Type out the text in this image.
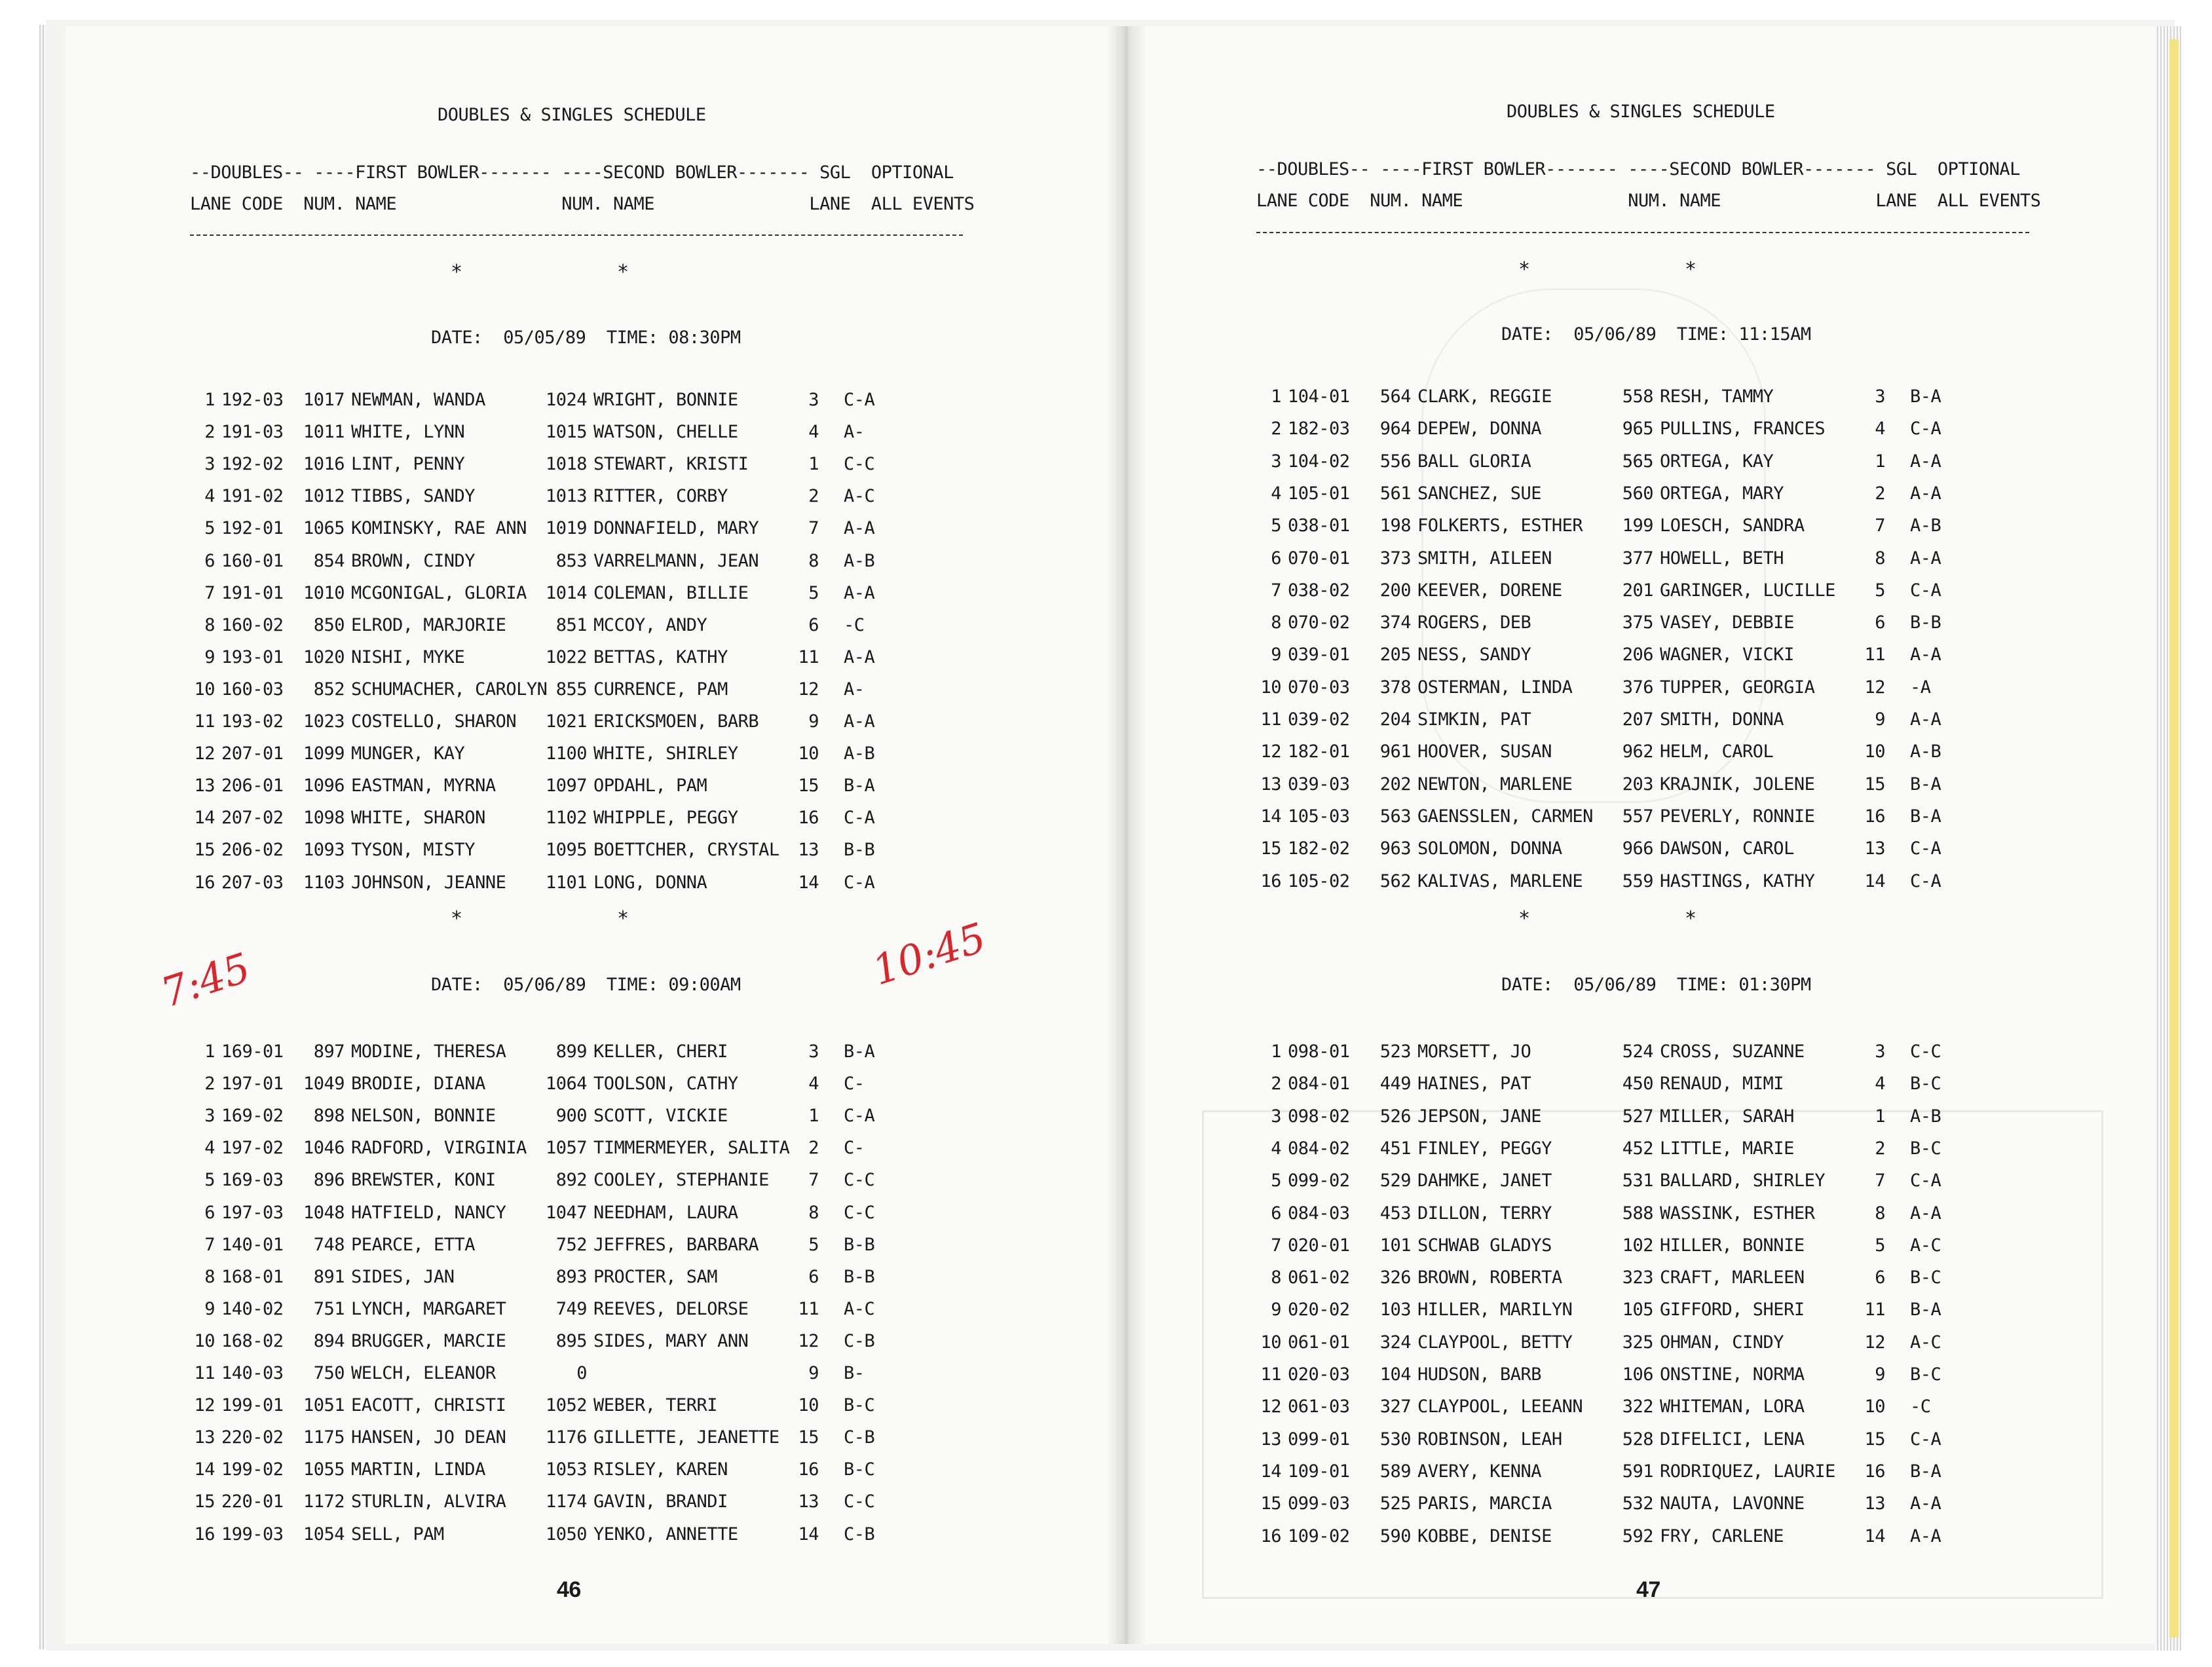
DOUBLES & SINGLES SCHEDULE
--DOUBLES-- ----FIRST BOWLER------- ----SECOND BOWLER------- SGL  OPTIONAL
LANE CODE  NUM. NAME                NUM. NAME               LANE  ALL EVENTS
*	*
DATE:  05/05/89  TIME: 08:30PM
1 192-03 1017 NEWMAN, WANDA	1024 WRIGHT, BONNIE	3 C-A
2 191-03 1011 WHITE, LYNN	1015 WATSON, CHELLE	4 A-
3 192-02 1016 LINT, PENNY	1018 STEWART, KRISTI	1 C-C
4 191-02 1012 TIBBS, SANDY	1013 RITTER, CORBY	2 A-C
5 192-01 1065 KOMINSKY, RAE ANN 1019 DONNAFIELD, MARY	7 A-A
6 160-01	854 BROWN, CINDY	853 VARRELMANN, JEAN	8 A-B
7 191-01 1010 MCGONIGAL, GLORIA 1014 COLEMAN, BILLIE	5 A-A
8 160-02	850 ELROD, MARJORIE	851 MCCOY, ANDY	6 -C
9 193-01 1020 NISHI, MYKE	1022 BETTAS, KATHY	11 A-A
10 160-03	852 SCHUMACHER, CAROLYN 855 CURRENCE, PAM	12 A-
11 193-02 1023 COSTELLO, SHARON 1021 ERICKSMOEN, BARB	9 A-A
12 207-01 1099 MUNGER, KAY	1100 WHITE, SHIRLEY	10 A-B
13 206-01 1096 EASTMAN, MYRNA	1097 OPDAHL, PAM	15 B-A
14 207-02 1098 WHITE, SHARON	1102 WHIPPLE, PEGGY	16 C-A
15 206-02 1093 TYSON, MISTY	1095 BOETTCHER, CRYSTAL	13 B-B
16 207-03 1103 JOHNSON, JEANNE 1101 LONG, DONNA	14 C-A
*	*
DATE:  05/06/89  TIME: 09:00AM
1 169-01	897 MODINE, THERESA	899 KELLER, CHERI	3 B-A
2 197-01 1049 BRODIE, DIANA	1064 TOOLSON, CATHY	4 C-
3 169-02	898 NELSON, BONNIE	900 SCOTT, VICKIE	1 C-A
4 197-02 1046 RADFORD, VIRGINIA 1057 TIMMERMEYER, SALITA	2 C-
5 169-03	896 BREWSTER, KONI	892 COOLEY, STEPHANIE	7 C-C
6 197-03 1048 HATFIELD, NANCY 1047 NEEDHAM, LAURA	8 C-C
7 140-01	748 PEARCE, ETTA	752 JEFFRES, BARBARA	5 B-B
8 168-01	891 SIDES, JAN	893 PROCTER, SAM	6 B-B
9 140-02	751 LYNCH, MARGARET	749 REEVES, DELORSE	11 A-C
10 168-02	894 BRUGGER, MARCIE	895 SIDES, MARY ANN	12 C-B
11 140-03	750 WELCH, ELEANOR	0	9 B-
12 199-01 1051 EACOTT, CHRISTI 1052 WEBER, TERRI	10 B-C
13 220-02 1175 HANSEN, JO DEAN 1176 GILLETTE, JEANETTE	15 C-B
14 199-02 1055 MARTIN, LINDA	1053 RISLEY, KAREN	16 B-C
15 220-01 1172 STURLIN, ALVIRA 1174 GAVIN, BRANDI	13 C-C
16 199-03 1054 SELL, PAM	1050 YENKO, ANNETTE	14 C-B
7:45	10:45
46
DOUBLES & SINGLES SCHEDULE
--DOUBLES-- ----FIRST BOWLER------- ----SECOND BOWLER------- SGL  OPTIONAL
LANE CODE  NUM. NAME                NUM. NAME               LANE  ALL EVENTS
*	*
DATE:  05/06/89  TIME: 11:15AM
1 104-01	564 CLARK, REGGIE	558 RESH, TAMMY	3 B-A
2 182-03	964 DEPEW, DONNA	965 PULLINS, FRANCES	4 C-A
3 104-02	556 BALL GLORIA	565 ORTEGA, KAY	1 A-A
4 105-01	561 SANCHEZ, SUE	560 ORTEGA, MARY	2 A-A
5 038-01	198 FOLKERTS, ESTHER	199 LOESCH, SANDRA	7 A-B
6 070-01	373 SMITH, AILEEN	377 HOWELL, BETH	8 A-A
7 038-02	200 KEEVER, DORENE	201 GARINGER, LUCILLE	5 C-A
8 070-02	374 ROGERS, DEB	375 VASEY, DEBBIE	6 B-B
9 039-01	205 NESS, SANDY	206 WAGNER, VICKI	11 A-A
10 070-03	378 OSTERMAN, LINDA	376 TUPPER, GEORGIA	12 -A
11 039-02	204 SIMKIN, PAT	207 SMITH, DONNA	9 A-A
12 182-01	961 HOOVER, SUSAN	962 HELM, CAROL	10 A-B
13 039-03	202 NEWTON, MARLENE	203 KRAJNIK, JOLENE	15 B-A
14 105-03	563 GAENSSLEN, CARMEN	557 PEVERLY, RONNIE	16 B-A
15 182-02	963 SOLOMON, DONNA	966 DAWSON, CAROL	13 C-A
16 105-02	562 KALIVAS, MARLENE	559 HASTINGS, KATHY	14 C-A
*	*
DATE:  05/06/89  TIME: 01:30PM
1 098-01	523 MORSETT, JO	524 CROSS, SUZANNE	3 C-C
2 084-01	449 HAINES, PAT	450 RENAUD, MIMI	4 B-C
3 098-02	526 JEPSON, JANE	527 MILLER, SARAH	1 A-B
4 084-02	451 FINLEY, PEGGY	452 LITTLE, MARIE	2 B-C
5 099-02	529 DAHMKE, JANET	531 BALLARD, SHIRLEY	7 C-A
6 084-03	453 DILLON, TERRY	588 WASSINK, ESTHER	8 A-A
7 020-01	101 SCHWAB GLADYS	102 HILLER, BONNIE	5 A-C
8 061-02	326 BROWN, ROBERTA	323 CRAFT, MARLEEN	6 B-C
9 020-02	103 HILLER, MARILYN	105 GIFFORD, SHERI	11 B-A
10 061-01	324 CLAYPOOL, BETTY	325 OHMAN, CINDY	12 A-C
11 020-03	104 HUDSON, BARB	106 ONSTINE, NORMA	9 B-C
12 061-03	327 CLAYPOOL, LEEANN	322 WHITEMAN, LORA	10 -C
13 099-01	530 ROBINSON, LEAH	528 DIFELICI, LENA	15 C-A
14 109-01	589 AVERY, KENNA	591 RODRIQUEZ, LAURIE	16 B-A
15 099-03	525 PARIS, MARCIA	532 NAUTA, LAVONNE	13 A-A
16 109-02	590 KOBBE, DENISE	592 FRY, CARLENE	14 A-A
47
